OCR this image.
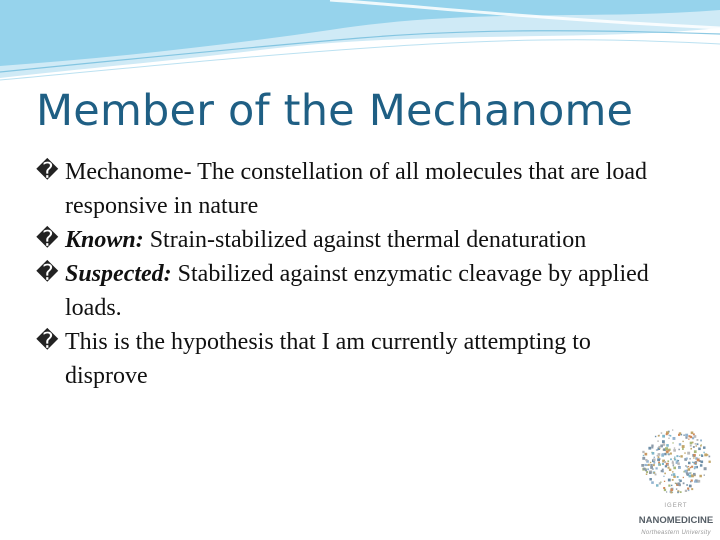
Member of the Mechanome
� Mechanome- The constellation of all molecules that are load responsive in nature
� Known: Strain-stabilized against thermal denaturation
� Suspected: Stabilized against enzymatic cleavage by applied loads.
� This is the hypothesis that I am currently attempting to disprove
IGERT
NANOMEDICINE
Northeastern University
